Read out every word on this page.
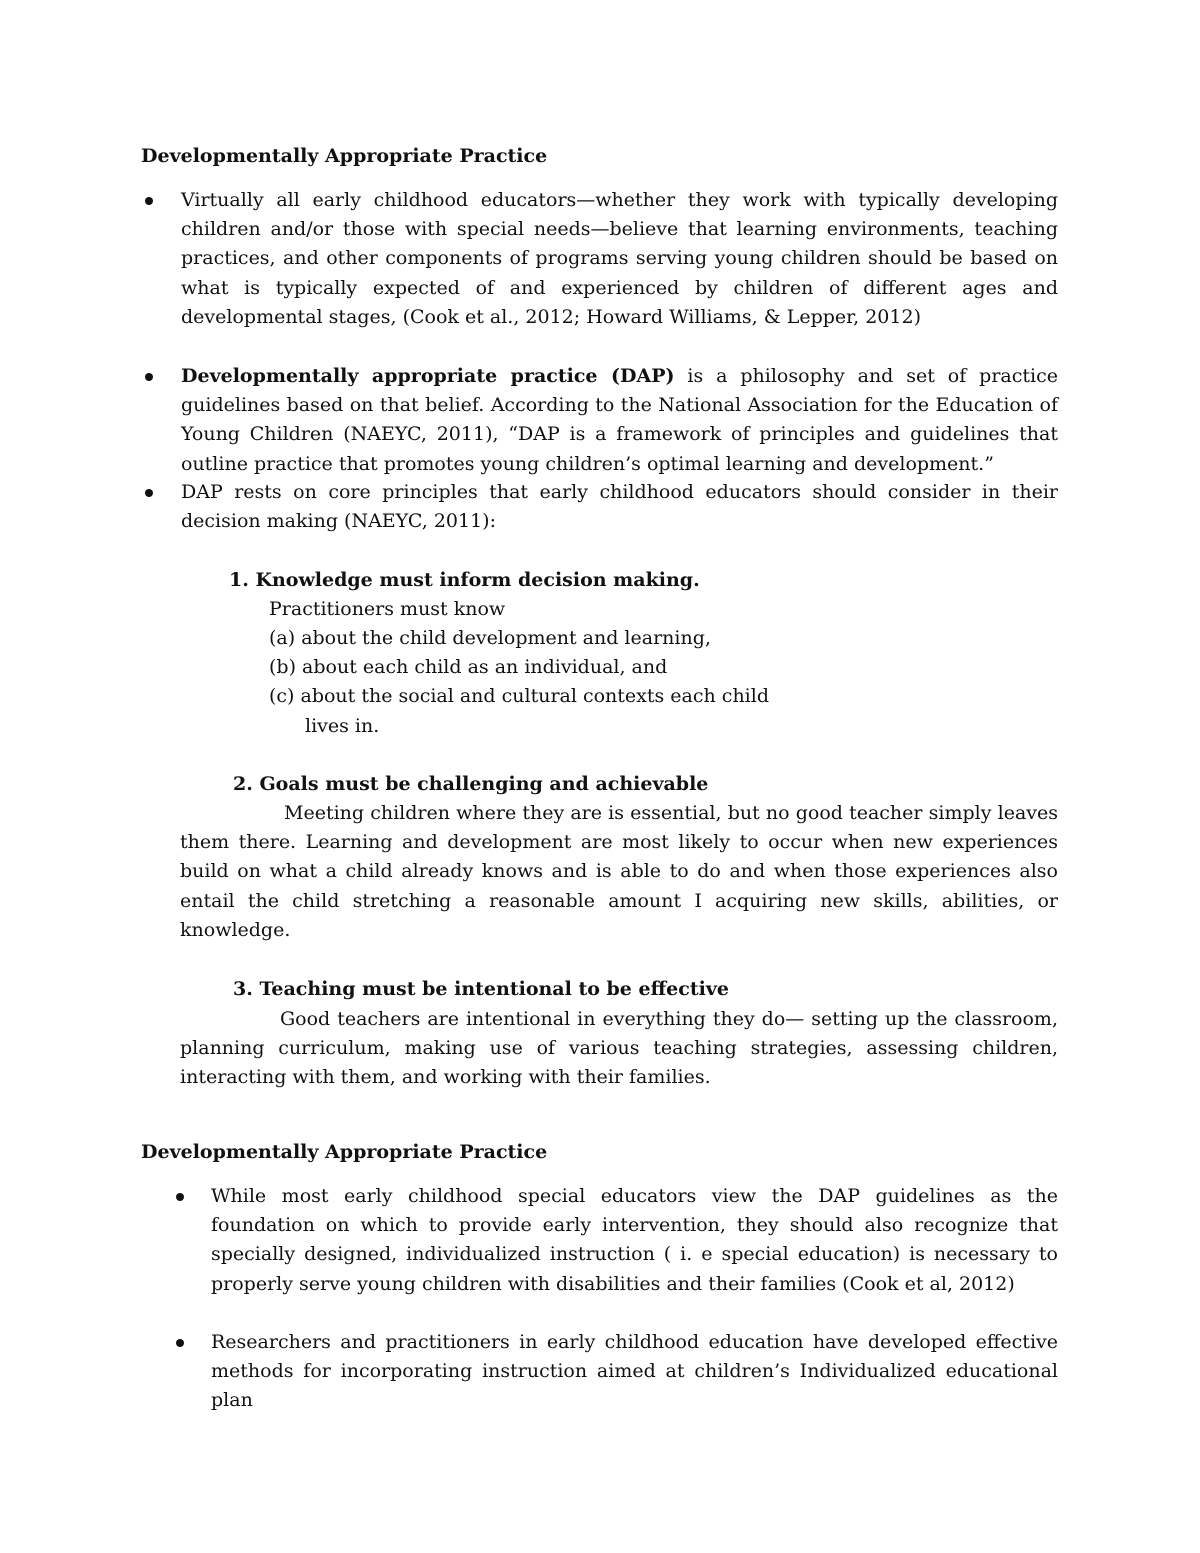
Developmentally Appropriate Practice

Virtually all early childhood educators—whether they work with typically developing children and/or those with special needs—believe that learning environments, teaching practices, and other components of programs serving young children should be based on what is typically expected of and experienced by children of different ages and developmental stages, (Cook et al., 2012; Howard Williams, & Lepper, 2012)

Developmentally appropriate practice (DAP) is a philosophy and set of practice guidelines based on that belief. According to the National Association for the Education of Young Children (NAEYC, 2011), “DAP is a framework of principles and guidelines that outline practice that promotes young children’s optimal learning and development.”

DAP rests on core principles that early childhood educators should consider in their decision making (NAEYC, 2011):

1. Knowledge must inform decision making.
Practitioners must know
(a) about the child development and learning,
(b) about each child as an individual, and
(c) about the social and cultural contexts each child
lives in.
2. Goals must be challenging and achievable

Meeting children where they are is essential, but no good teacher simply leaves them there. Learning and development are most likely to occur when new experiences build on what a child already knows and is able to do and when those experiences also entail the child stretching a reasonable amount I acquiring new skills, abilities, or knowledge.

3. Teaching must be intentional to be effective

Good teachers are intentional in everything they do— setting up the classroom, planning curriculum, making use of various teaching strategies, assessing children, interacting with them, and working with their families.

Developmentally Appropriate Practice

While most early childhood special educators view the DAP guidelines as the foundation on which to provide early intervention, they should also recognize that specially designed, individualized instruction ( i. e special education) is necessary to properly serve young children with disabilities and their families (Cook et al, 2012)

Researchers and practitioners in early childhood education have developed effective methods for incorporating instruction aimed at children’s Individualized educational plan
